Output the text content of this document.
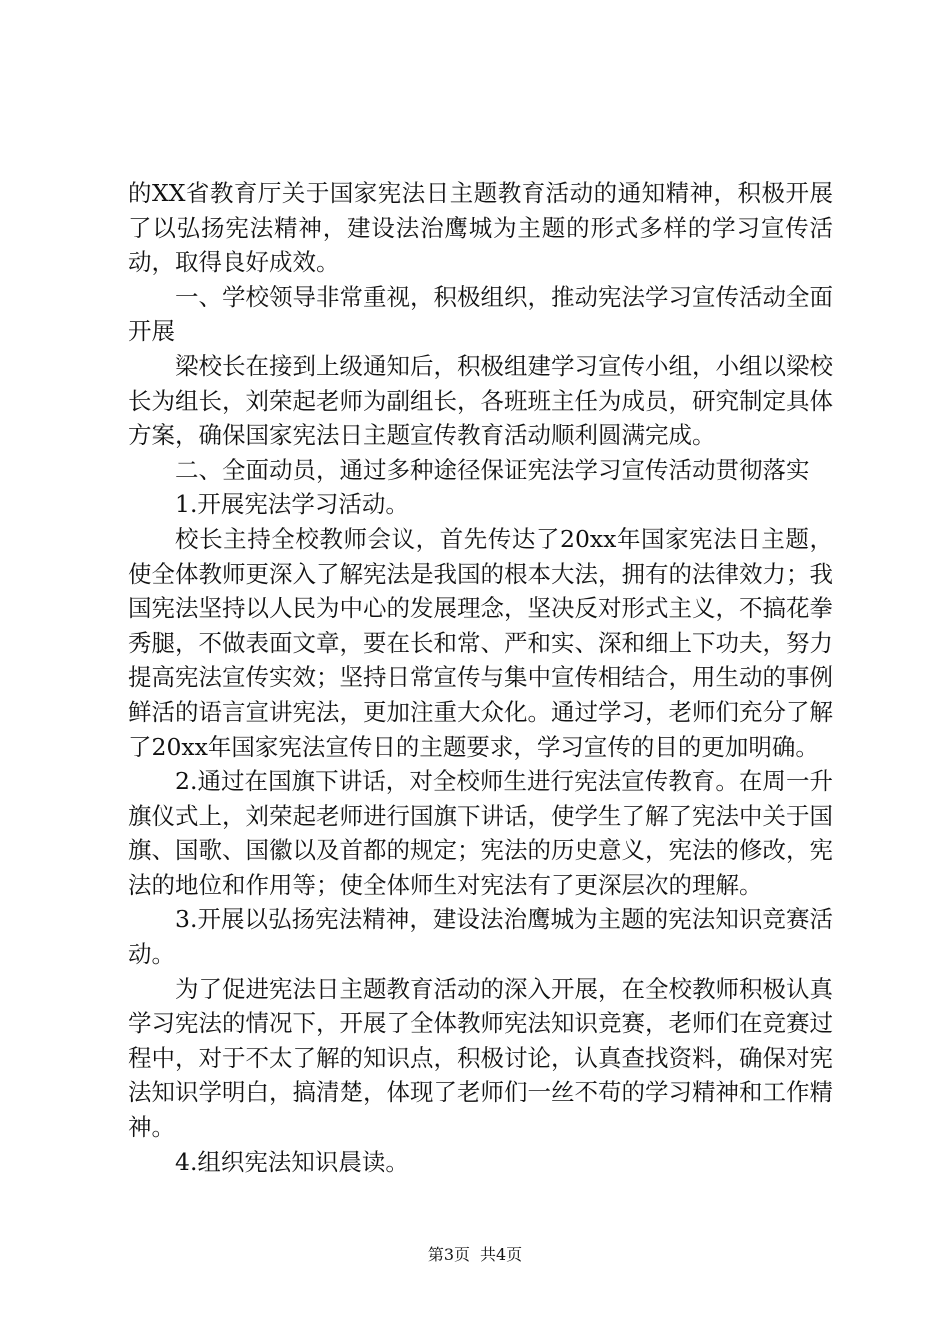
的XX省教育厅关于国家宪法日主题教育活动的通知精神，积极开展了以弘扬宪法精神，建设法治鹰城为主题的形式多样的学习宣传活动，取得良好成效。

一、学校领导非常重视，积极组织，推动宪法学习宣传活动全面开展

梁校长在接到上级通知后，积极组建学习宣传小组，小组以梁校长为组长，刘荣起老师为副组长，各班班主任为成员，研究制定具体方案，确保国家宪法日主题宣传教育活动顺利圆满完成。

二、全面动员，通过多种途径保证宪法学习宣传活动贯彻落实

1.开展宪法学习活动。

校长主持全校教师会议，首先传达了20xx年国家宪法日主题，使全体教师更深入了解宪法是我国的根本大法，拥有的法律效力；我国宪法坚持以人民为中心的发展理念，坚决反对形式主义，不搞花拳秀腿，不做表面文章，要在长和常、严和实、深和细上下功夫，努力提高宪法宣传实效；坚持日常宣传与集中宣传相结合，用生动的事例鲜活的语言宣讲宪法，更加注重大众化。通过学习，老师们充分了解了20xx年国家宪法宣传日的主题要求，学习宣传的目的更加明确。

2.通过在国旗下讲话，对全校师生进行宪法宣传教育。在周一升旗仪式上，刘荣起老师进行国旗下讲话，使学生了解了宪法中关于国旗、国歌、国徽以及首都的规定；宪法的历史意义，宪法的修改，宪法的地位和作用等；使全体师生对宪法有了更深层次的理解。

3.开展以弘扬宪法精神，建设法治鹰城为主题的宪法知识竞赛活动。

为了促进宪法日主题教育活动的深入开展，在全校教师积极认真学习宪法的情况下，开展了全体教师宪法知识竞赛，老师们在竞赛过程中，对于不太了解的知识点，积极讨论，认真查找资料，确保对宪法知识学明白，搞清楚，体现了老师们一丝不苟的学习精神和工作精神。

4.组织宪法知识晨读。

第3页 共4页
